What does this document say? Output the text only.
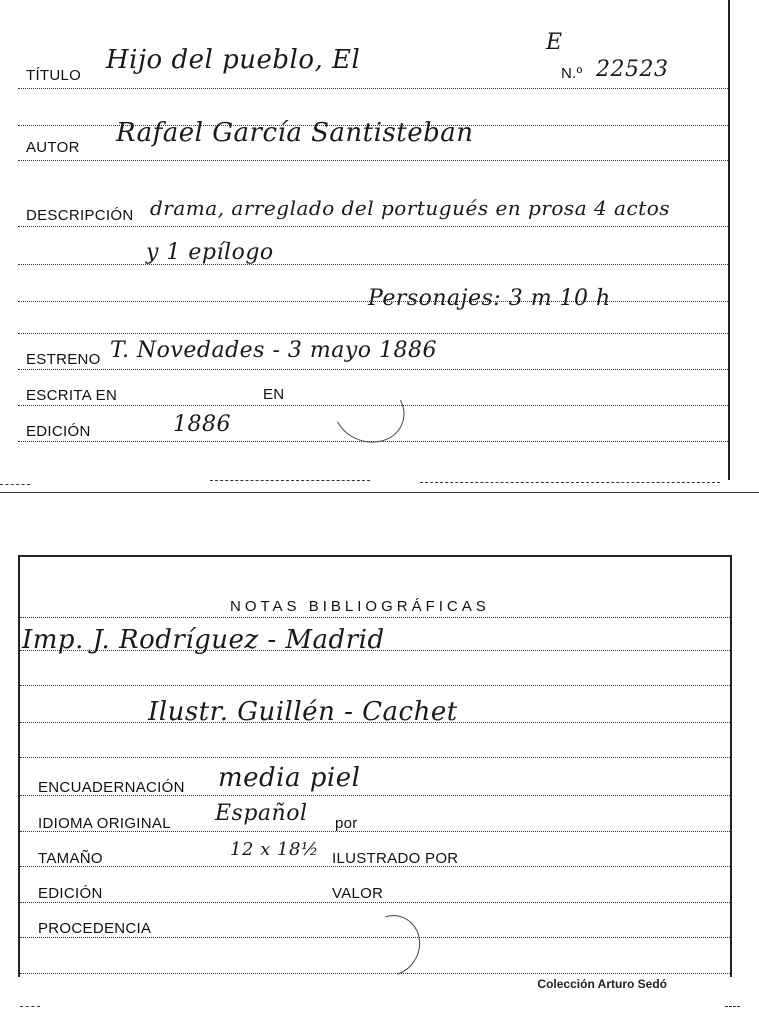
TÍTULO
Hijo del pueblo, El
E
N.º 22523
AUTOR Rafael García Santisteban
DESCRIPCIÓN drama, arreglado del portugués en prosa 4 actos
y 1 epílogo
Personajes: 3 m 10 h
ESTRENO T. Novedades - 3 mayo 1886
ESCRITA EN	EN
EDICIÓN	1886
NOTAS BIBLIOGRÁFICAS
Imp. J. Rodríguez - Madrid
Ilustr. Guillén - Cachet
ENCUADERNACIÓN media piel
IDIOMA ORIGINAL Español por
TAMAÑO	12 x 18½ ILUSTRADO POR
EDICIÓN	VALOR
PROCEDENCIA
Colección Arturo Sedó
